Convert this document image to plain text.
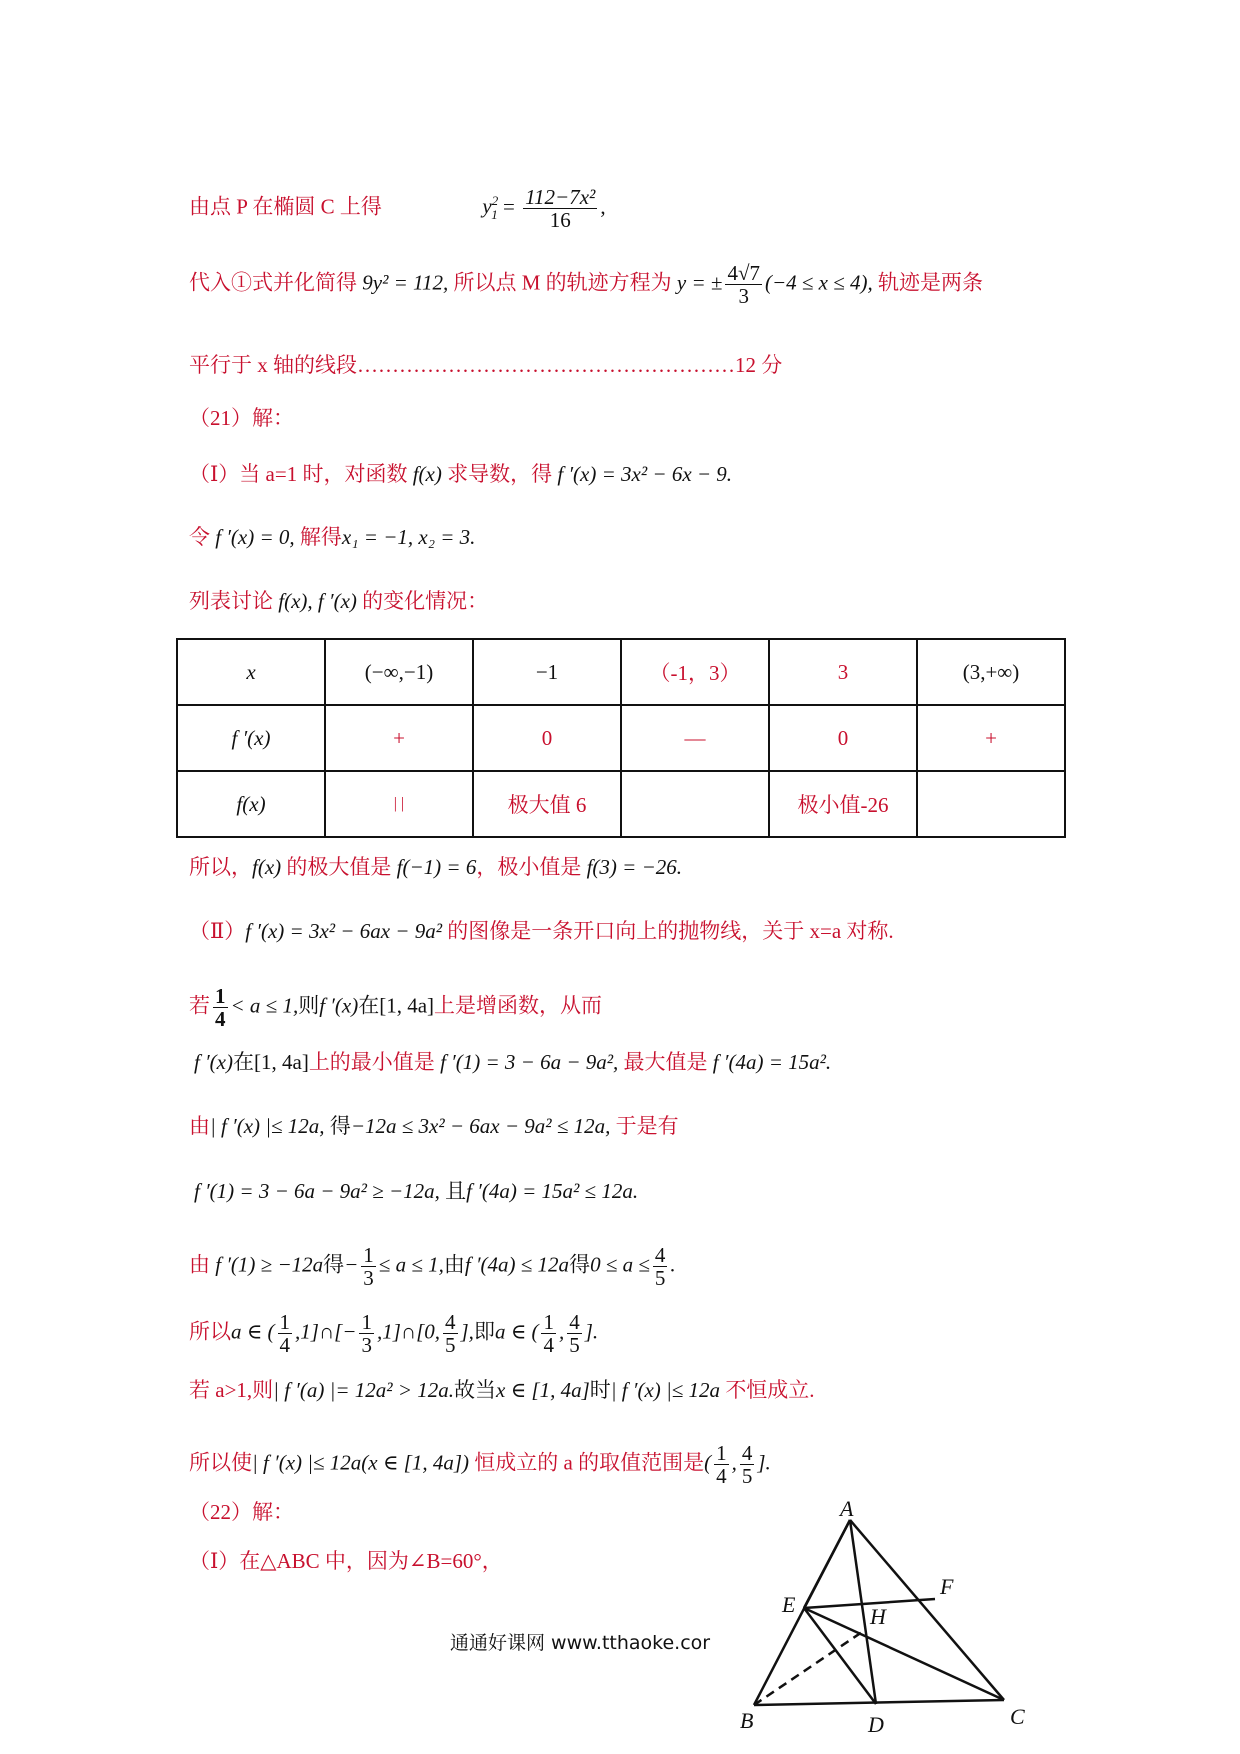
由点 P 在椭圆 C 上得	$y^2_1 = \frac{\text{112−7x²}}{16}$ ,
代入①式并化简得 9y² = 112, 所以点 M 的轨迹方程为 y = ± $\frac{4√7}{3} (-4 \le x \le 4)$, 轨迹是两条
平行于 x 轴的线段………………………………………………12 分
（21）解：
（Ⅰ）当 a=1 时，对函数 f(x) 求导数，得 f ′(x) = 3x² − 6x − 9.
令 f ′(x) = 0, 解得x₁ = −1, x₂ = 3.
列表讨论 f(x), f ′(x) 的变化情况：
x	(−∞,−1)	−1	（-1，3）	3	(3,+∞)
f ′(x)	+	0	—	0	+
f(x)	| |	极大值 6		极小值-26	
所以，f(x) 的极大值是 f(−1) = 6，极小值是 f(3) = −26.
（Ⅱ）f ′(x) = 3x² − 6ax − 9a² 的图像是一条开口向上的抛物线，关于 x=a 对称.
若 $\frac{1}{4} < a \le 1$,则f ′(x)在[1, 4a]上是增函数，从而
f ′(x)在[1, 4a]上的最小值是 f ′(1) = 3 − 6a − 9a², 最大值是 f ′(4a) = 15a².
由| f ′(x) |≤ 12a, 得−12a ≤ 3x² − 6ax − 9a² ≤ 12a, 于是有
f ′(1) = 3 − 6a − 9a² ≥ −12a, 且f ′(4a) = 15a² ≤ 12a.
由 f ′(1) ≥ −12a得− $\frac{1}{3} \le a \le 1$,由f ′(4a) ≤ 12a得$0 \le a \le \frac{4}{5}$ .
所以a ∈ ( $\frac{1}{4}$ ,1]∩[− $\frac{1}{3}$ ,1]∩[0, $\frac{4}{5}$ ],即a ∈ ( $\frac{1}{4}$ , $\frac{4}{5}$ ].
若 a>1,则| f ′(a) |= 12a² > 12a.故当x ∈ [1, 4a]时| f ′(x) |≤ 12a 不恒成立.
所以使| f ′(x) |≤ 12a(x ∈ [1, 4a]) 恒成立的 a 的取值范围是( $\frac{1}{4}$ , $\frac{4}{5}$ ].
（22）解：
（Ⅰ）在△ABC 中，因为∠B=60°，
通通好课网 www.tthaoke.cor
A
B	C
D
E
F
H
